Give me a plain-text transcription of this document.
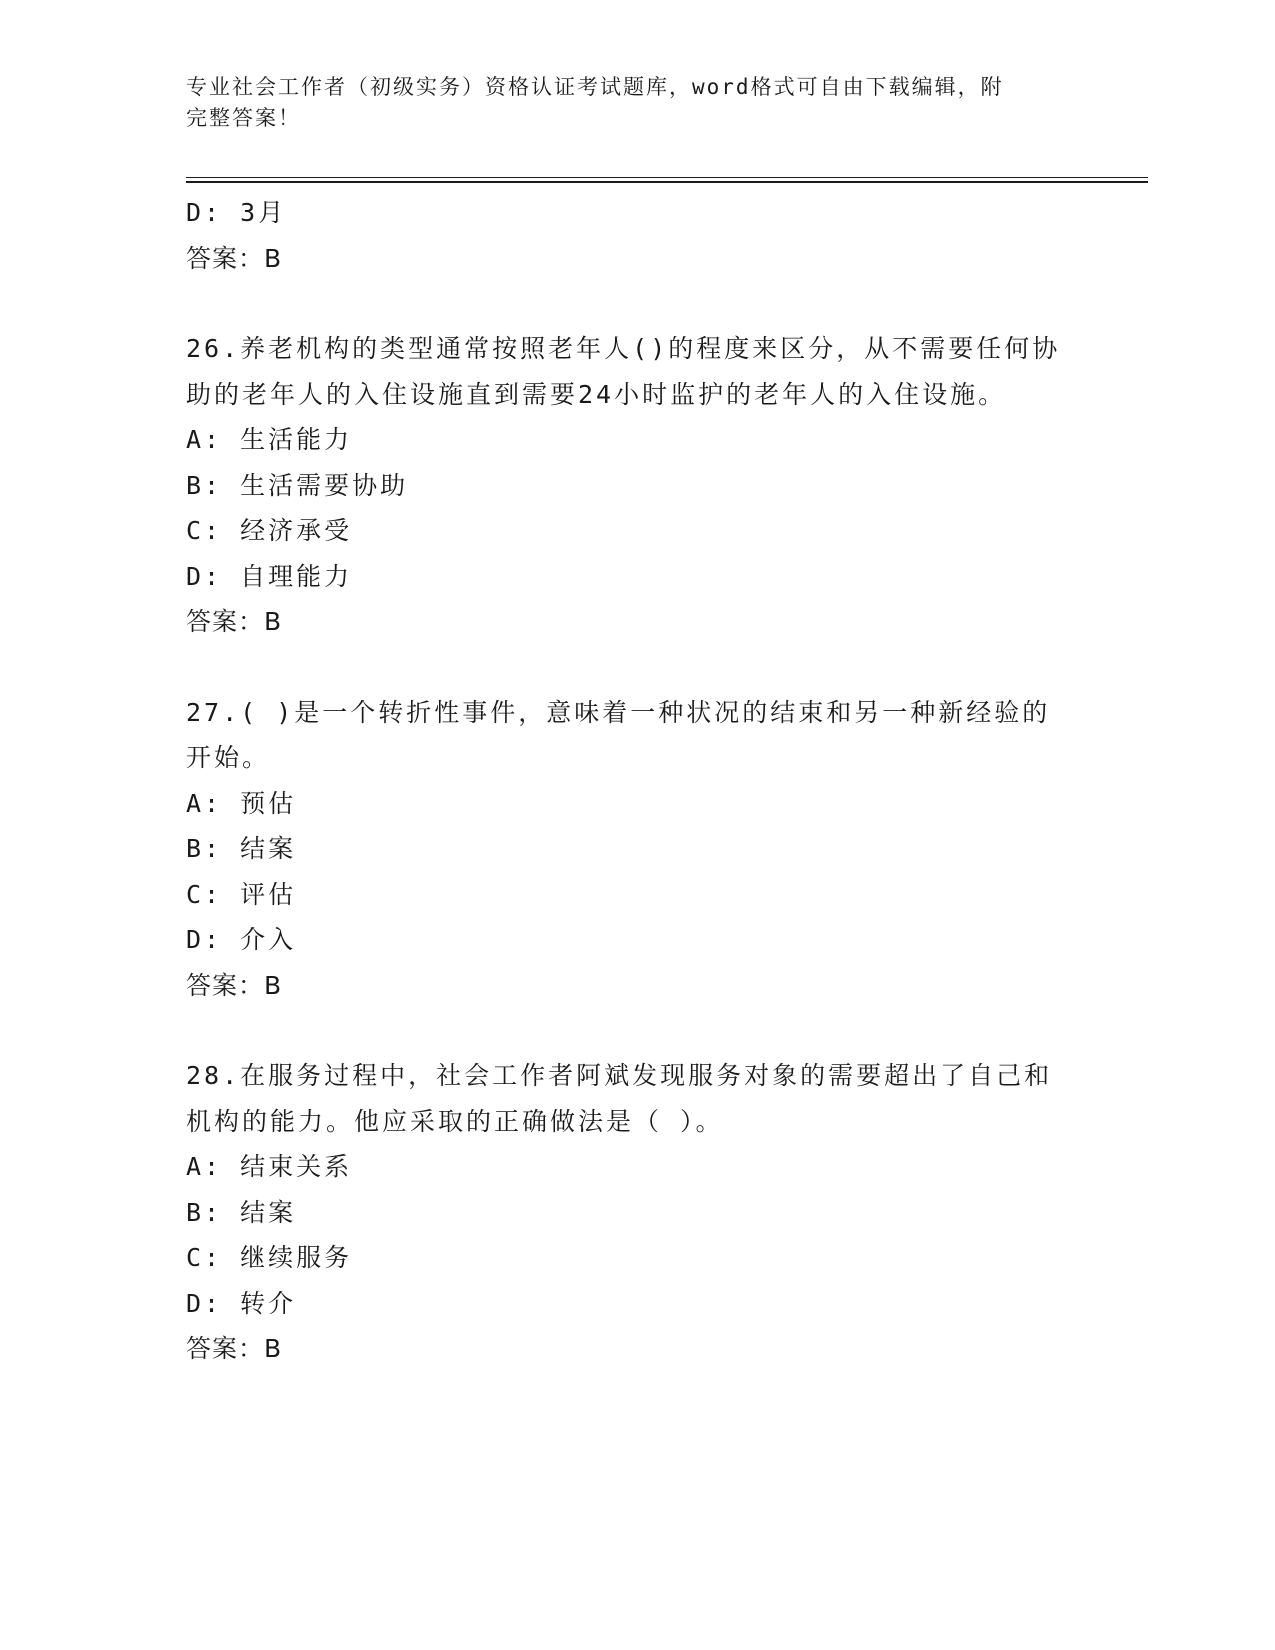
专业社会工作者（初级实务）资格认证考试题库，word格式可自由下载编辑，附
完整答案！
D: 3月
答案：B
26.养老机构的类型通常按照老年人()的程度来区分，从不需要任何协
助的老年人的入住设施直到需要24小时监护的老年人的入住设施。
A: 生活能力
B: 生活需要协助
C: 经济承受
D: 自理能力
答案：B
27.( )是一个转折性事件，意味着一种状况的结束和另一种新经验的
开始。
A: 预估
B: 结案
C: 评估
D: 介入
答案：B
28.在服务过程中，社会工作者阿斌发现服务对象的需要超出了自己和
机构的能力。他应采取的正确做法是（ ）。
A: 结束关系
B: 结案
C: 继续服务
D: 转介
答案：B
